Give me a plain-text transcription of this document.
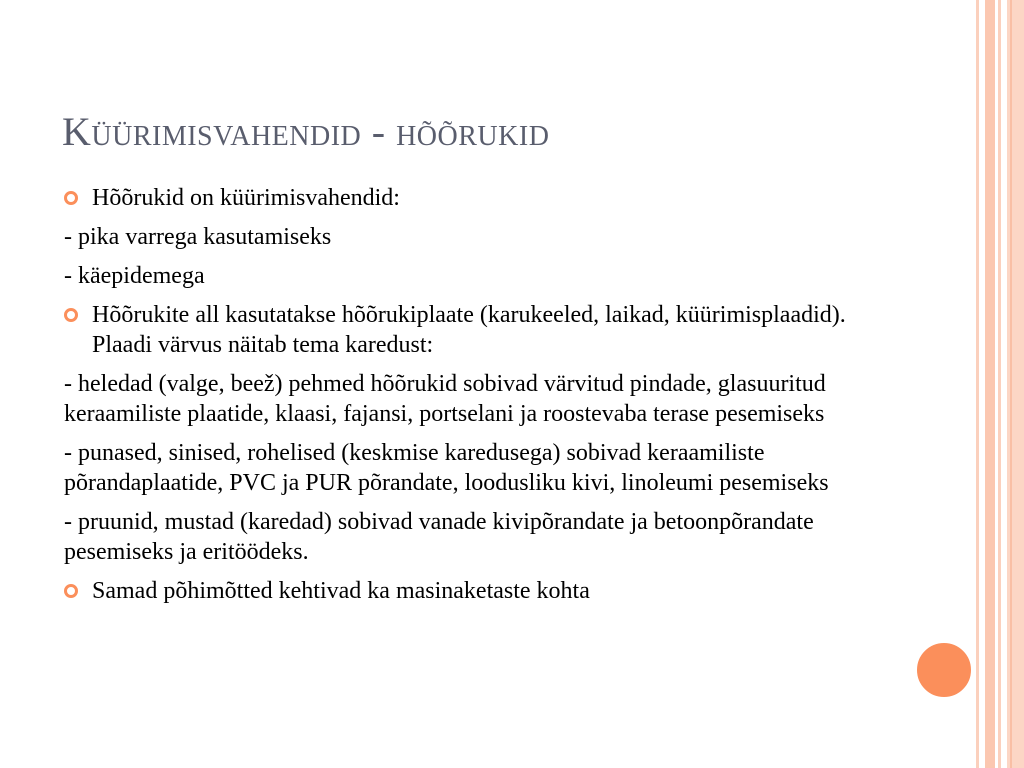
Küürimisvahendid - hõõrukid
Hõõrukid on küürimisvahendid:
- pika varrega kasutamiseks
- käepidemega
Hõõrukite all kasutatakse hõõrukiplaate (karukeeled, laikad, küürimisplaadid). Plaadi värvus näitab tema karedust:
- heledad (valge, beež) pehmed hõõrukid sobivad värvitud pindade, glasuuritud keraamiliste plaatide, klaasi, fajansi, portselani ja roostevaba terase pesemiseks
- punased, sinised, rohelised (keskmise karedusega) sobivad keraamiliste põrandaplaatide, PVC ja PUR põrandate, loodusliku kivi, linoleumi pesemiseks
- pruunid, mustad (karedad) sobivad vanade kivipõrandate ja betoonpõrandate pesemiseks ja eritöödeks.
Samad põhimõtted kehtivad ka masinaketaste kohta
